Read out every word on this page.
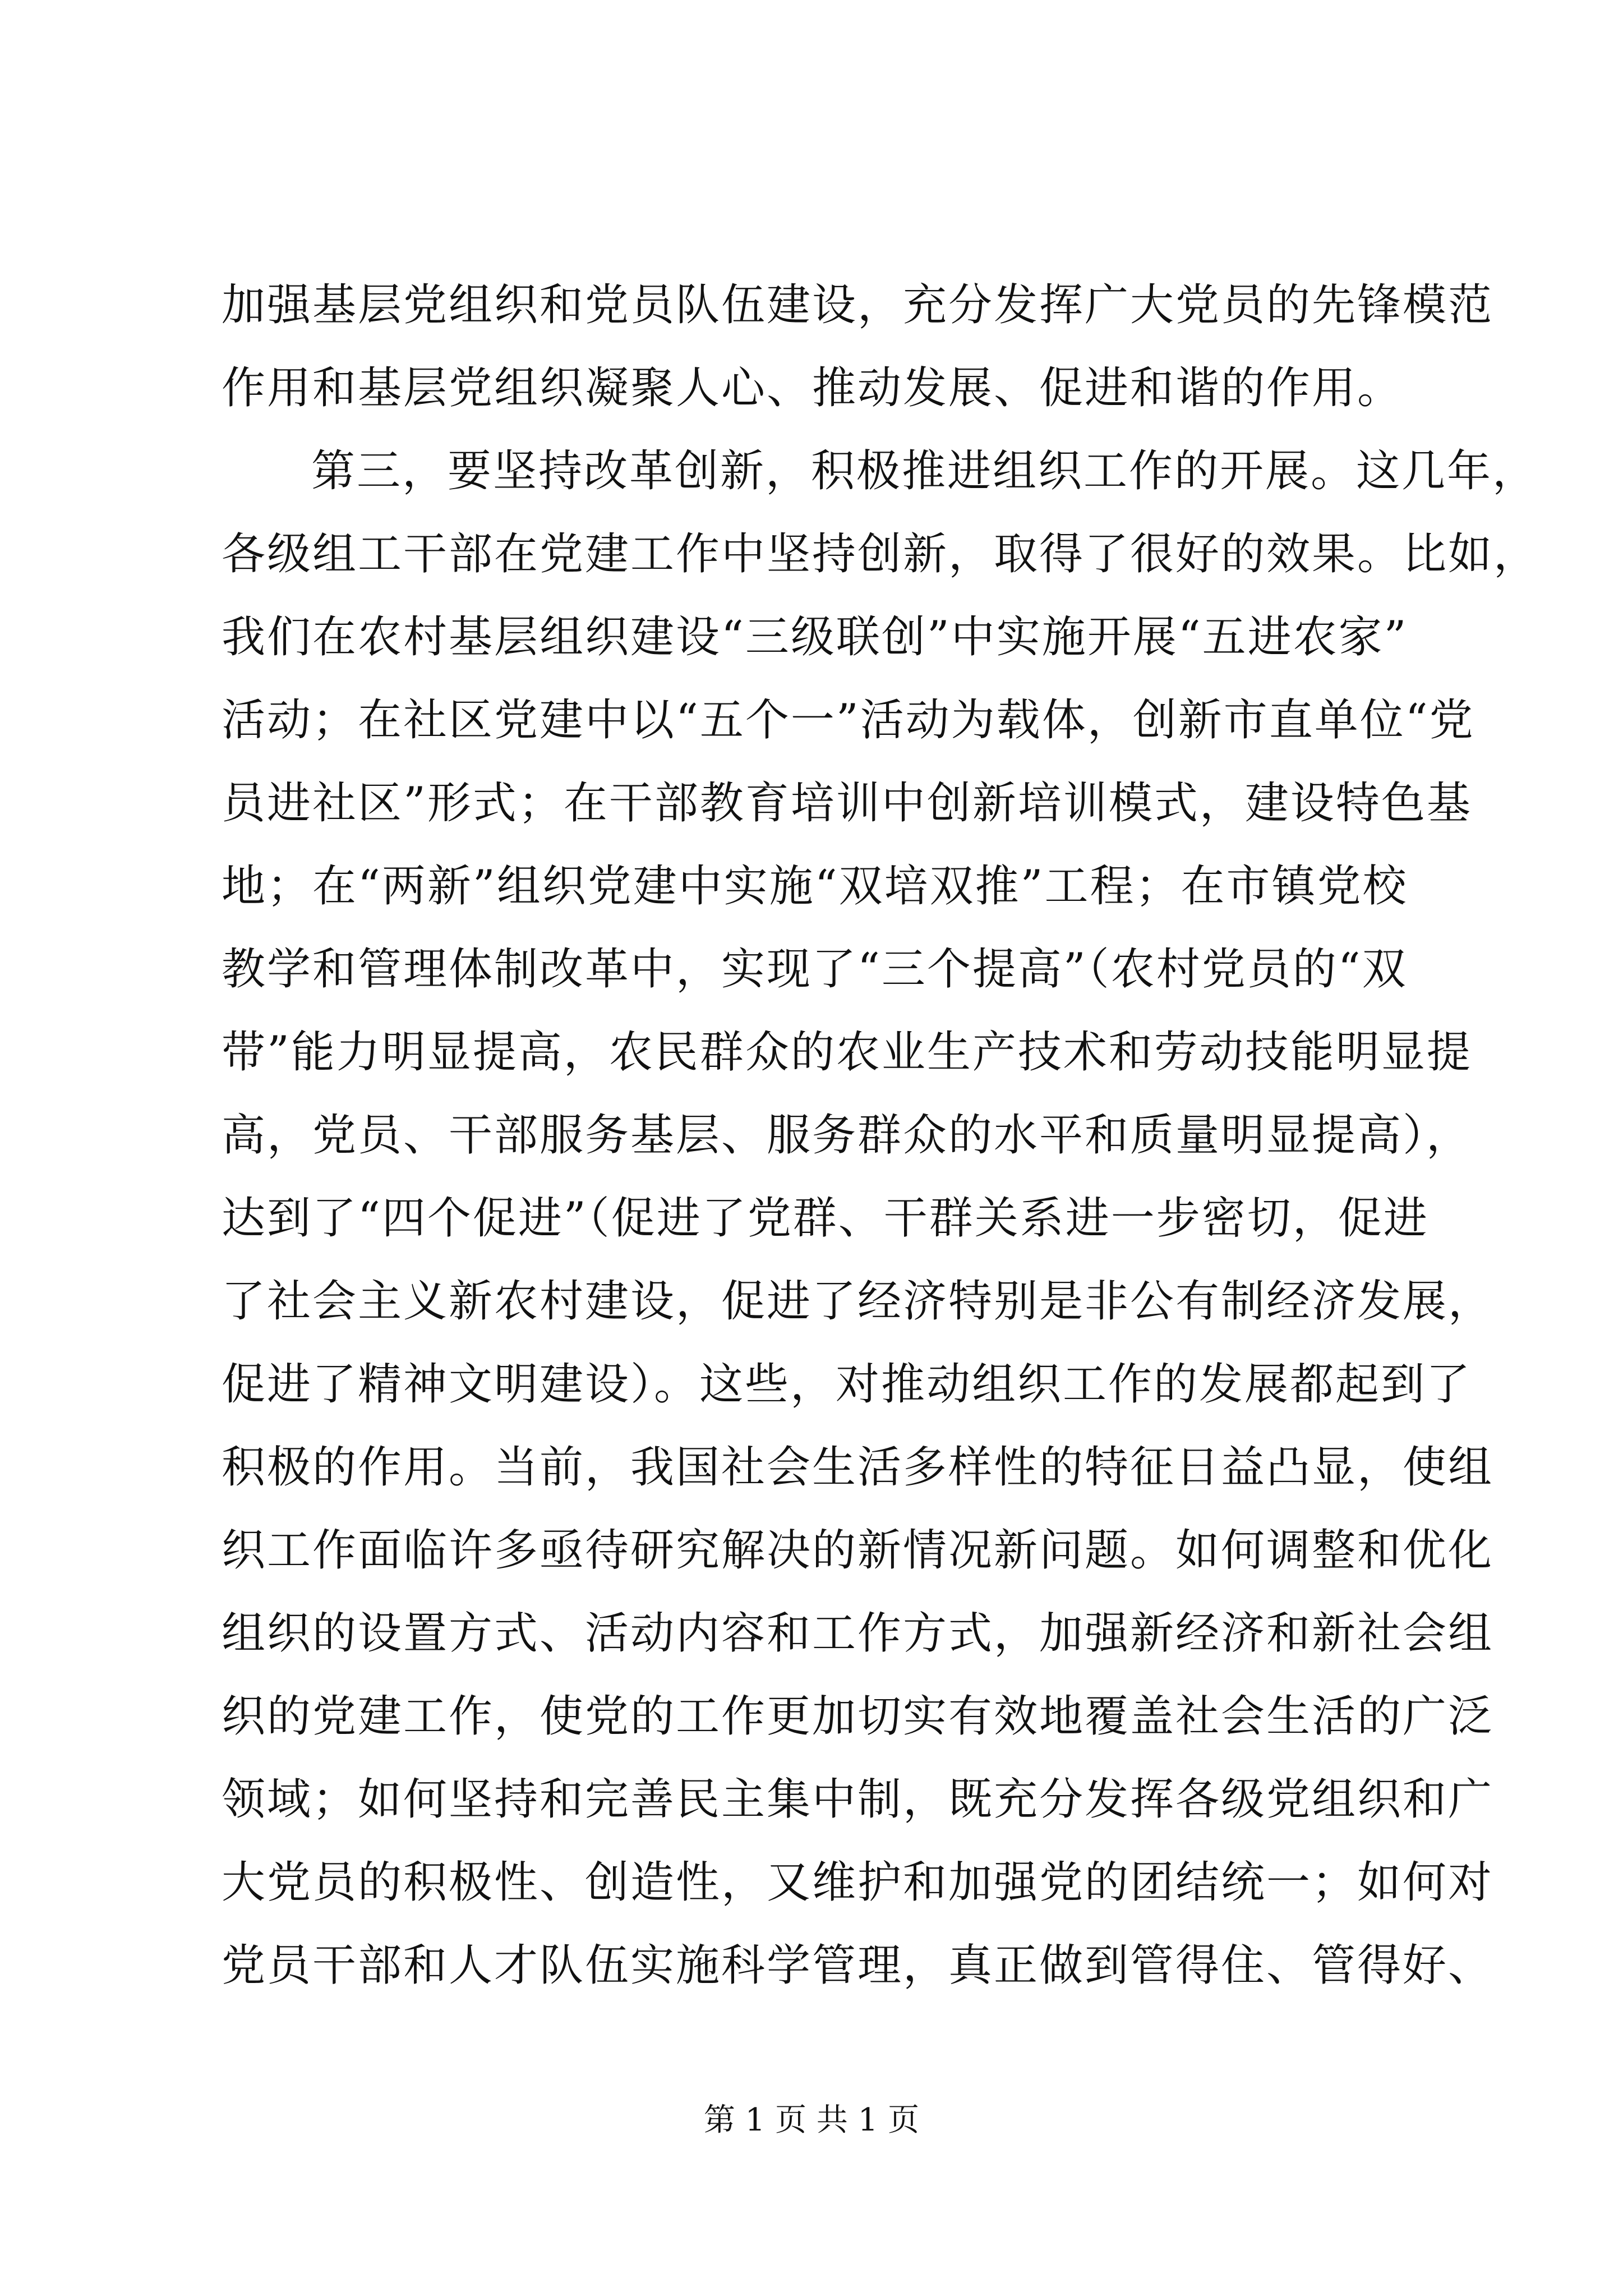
加强基层党组织和党员队伍建设，充分发挥广大党员的先锋模范
作用和基层党组织凝聚人心、推动发展、促进和谐的作用。
第三，要坚持改革创新，积极推进组织工作的开展。这几年，
各级组工干部在党建工作中坚持创新，取得了很好的效果。比如，
我们在农村基层组织建设“三级联创”中实施开展“五进农家”
活动；在社区党建中以“五个一”活动为载体，创新市直单位“党
员进社区”形式；在干部教育培训中创新培训模式，建设特色基
地；在“两新”组织党建中实施“双培双推”工程；在市镇党校
教学和管理体制改革中，实现了“三个提高”（农村党员的“双
带”能力明显提高，农民群众的农业生产技术和劳动技能明显提
高，党员、干部服务基层、服务群众的水平和质量明显提高），
达到了“四个促进”（促进了党群、干群关系进一步密切，促进
了社会主义新农村建设，促进了经济特别是非公有制经济发展，
促进了精神文明建设）。这些，对推动组织工作的发展都起到了
积极的作用。当前，我国社会生活多样性的特征日益凸显，使组
织工作面临许多亟待研究解决的新情况新问题。如何调整和优化
组织的设置方式、活动内容和工作方式，加强新经济和新社会组
织的党建工作，使党的工作更加切实有效地覆盖社会生活的广泛
领域；如何坚持和完善民主集中制，既充分发挥各级党组织和广
大党员的积极性、创造性，又维护和加强党的团结统一；如何对
党员干部和人才队伍实施科学管理，真正做到管得住、管得好、
第 1 页 共 1 页
